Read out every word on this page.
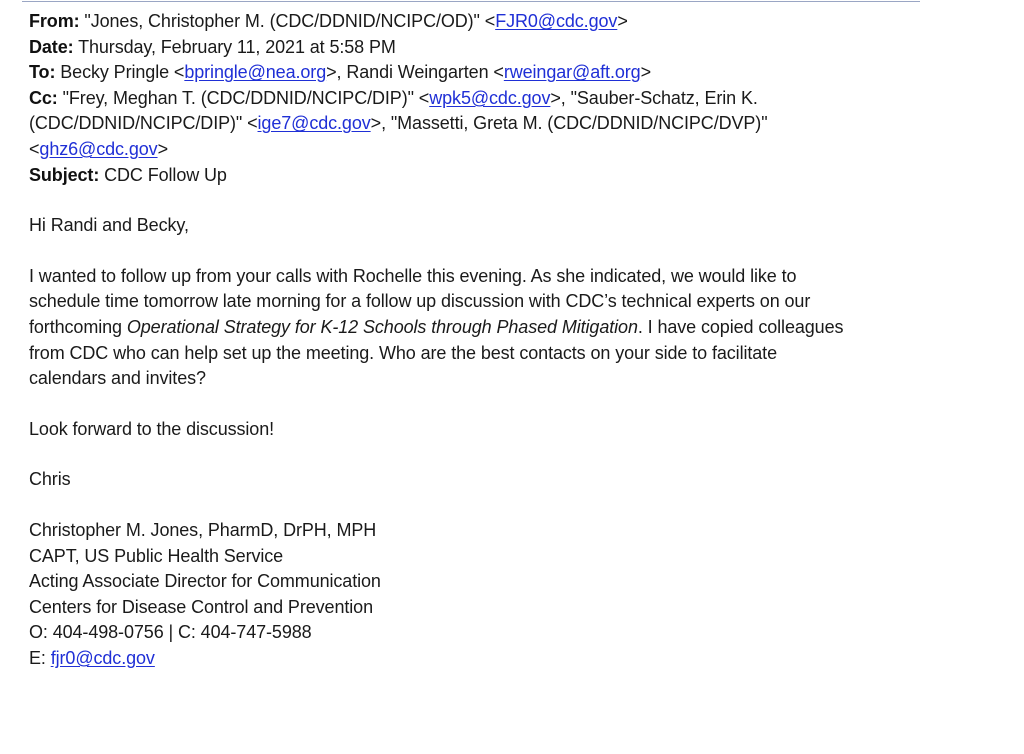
From: "Jones, Christopher M. (CDC/DDNID/NCIPC/OD)" <FJR0@cdc.gov>
Date: Thursday, February 11, 2021 at 5:58 PM
To: Becky Pringle <bpringle@nea.org>, Randi Weingarten <rweingar@aft.org>
Cc: "Frey, Meghan T. (CDC/DDNID/NCIPC/DIP)" <wpk5@cdc.gov>, "Sauber-Schatz, Erin K.
(CDC/DDNID/NCIPC/DIP)" <ige7@cdc.gov>, "Massetti, Greta M. (CDC/DDNID/NCIPC/DVP)"
<ghz6@cdc.gov>
Subject: CDC Follow Up

Hi Randi and Becky,

I wanted to follow up from your calls with Rochelle this evening. As she indicated, we would like to
schedule time tomorrow late morning for a follow up discussion with CDC’s technical experts on our
forthcoming Operational Strategy for K-12 Schools through Phased Mitigation. I have copied colleagues
from CDC who can help set up the meeting. Who are the best contacts on your side to facilitate
calendars and invites?

Look forward to the discussion!

Chris

Christopher M. Jones, PharmD, DrPH, MPH
CAPT, US Public Health Service
Acting Associate Director for Communication
Centers for Disease Control and Prevention
O: 404-498-0756 | C: 404-747-5988
E: fjr0@cdc.gov
